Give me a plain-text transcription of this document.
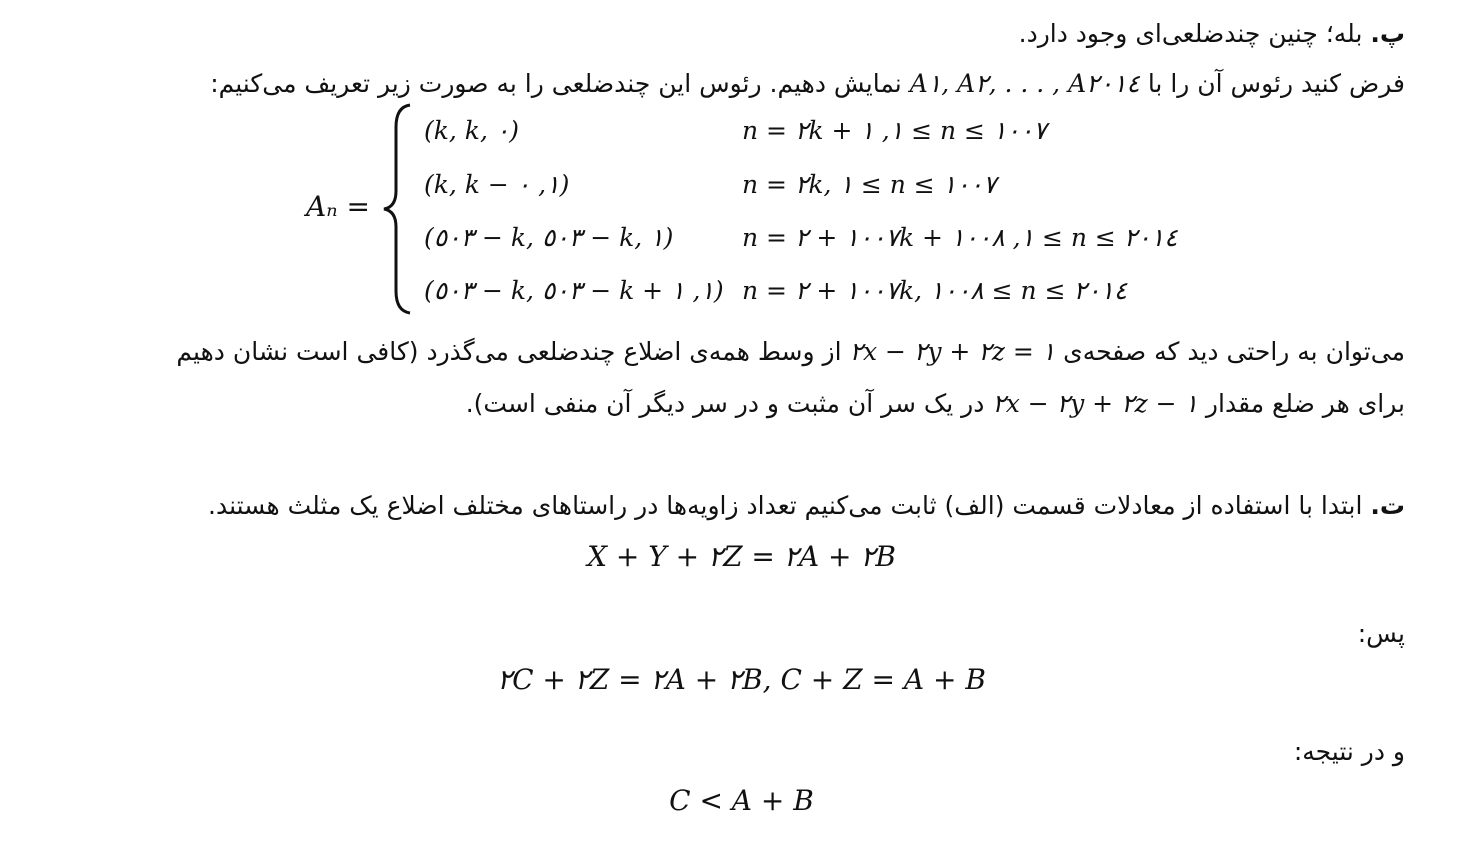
پ. بله؛ چنین چندضلعی‌ای وجود دارد.
فرض کنید رئوس آن را با A١, A٢, . . . , A٢٠١٤ نمایش دهیم. رئوس این چندضلعی را به صورت زیر تعریف می‌کنیم:
Aₙ =
(k, k, ٠)	n = ٢k + ١, ١ ≤ n ≤ ١٠٠٧
(k, k − ١, ٠)	n = ٢k, ١ ≤ n ≤ ١٠٠٧
(٥٠٣ − k, ٥٠٣ − k, ١)	n = ١٠٠٧ + ٢k + ١, ١٠٠٨ ≤ n ≤ ٢٠١٤
(٥٠٣ − k, ٥٠٣ − k + ١, ١) n = ١٠٠٧ + ٢k, ١٠٠٨ ≤ n ≤ ٢٠١٤
می‌توان به راحتی دید که صفحه‌ی ٢x − ٢y + ٢z = ١ از وسط همه‌ی اضلاع چندضلعی می‌گذرد (کافی است نشان دهیم
برای هر ضلع مقدار ٢x − ٢y + ٢z − ١ در یک سر آن مثبت و در سر دیگر آن منفی است).
ت. ابتدا با استفاده از معادلات قسمت (الف) ثابت می‌کنیم تعداد زاویه‌ها در راستاهای مختلف اضلاع یک مثلث هستند.
X + Y + ٢Z = ٢A + ٢B
پس:
٢C + ٢Z = ٢A + ٢B, C + Z = A + B
و در نتیجه:
C < A + B
